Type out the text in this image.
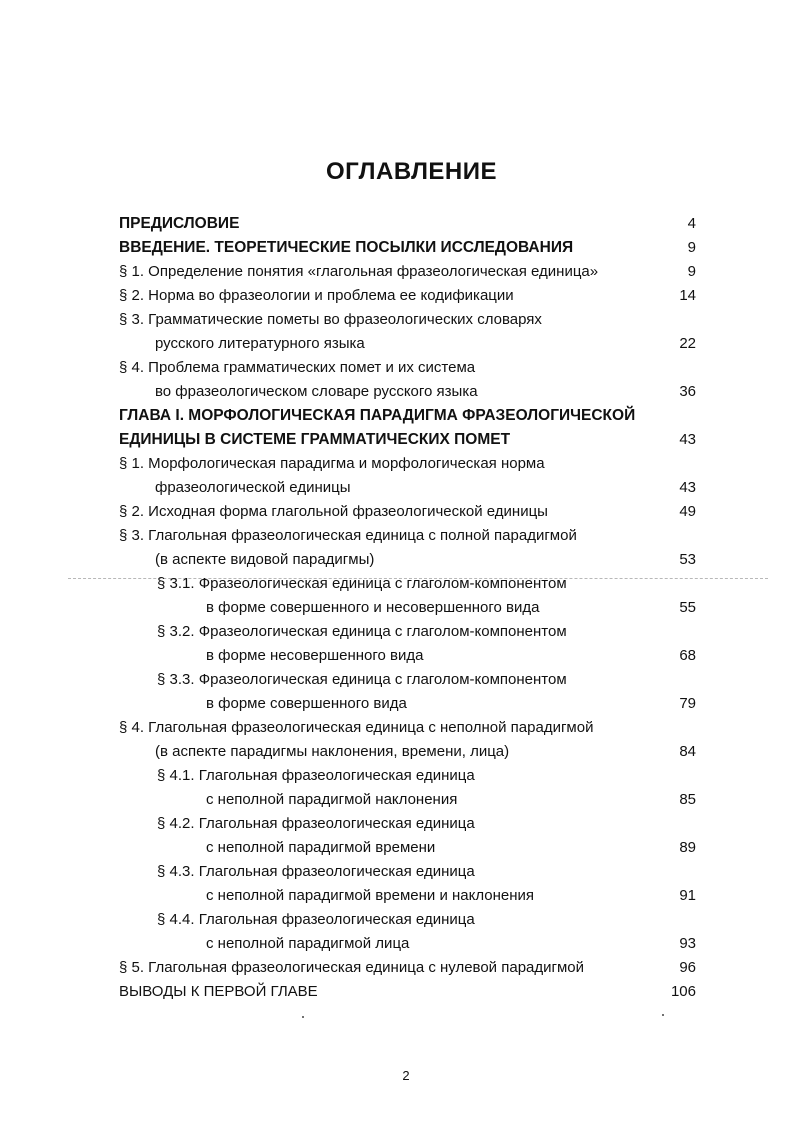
ОГЛАВЛЕНИЕ
ПРЕДИСЛОВИЕ	4
ВВЕДЕНИЕ. ТЕОРЕТИЧЕСКИЕ ПОСЫЛКИ ИССЛЕДОВАНИЯ	9
§ 1. Определение понятия «глагольная фразеологическая единица»	9
§ 2. Норма во фразеологии и проблема ее кодификации	14
§ 3. Грамматические пометы во фразеологических словарях
русского литературного языка	22
§ 4. Проблема грамматических помет и их система
во фразеологическом словаре русского языка	36
ГЛАВА I. МОРФОЛОГИЧЕСКАЯ ПАРАДИГМА ФРАЗЕОЛОГИЧЕСКОЙ
ЕДИНИЦЫ В СИСТЕМЕ ГРАММАТИЧЕСКИХ ПОМЕТ	43
§ 1. Морфологическая парадигма и морфологическая норма
фразеологической единицы	43
§ 2. Исходная форма глагольной фразеологической единицы	49
§ 3. Глагольная фразеологическая единица с полной парадигмой
(в аспекте видовой парадигмы)	53
§ 3.1. Фразеологическая единица с глаголом-компонентом
в форме совершенного и несовершенного вида	55
§ 3.2. Фразеологическая единица с глаголом-компонентом
в форме несовершенного вида	68
§ 3.3. Фразеологическая единица с глаголом-компонентом
в форме совершенного вида	79
§ 4. Глагольная фразеологическая единица с неполной парадигмой
(в аспекте парадигмы наклонения, времени, лица)	84
§ 4.1. Глагольная фразеологическая единица
с неполной парадигмой наклонения	85
§ 4.2. Глагольная фразеологическая единица
с неполной парадигмой времени	89
§ 4.3. Глагольная фразеологическая единица
с неполной парадигмой времени и наклонения	91
§ 4.4. Глагольная фразеологическая единица
с неполной парадигмой лица	93
§ 5. Глагольная фразеологическая единица с нулевой парадигмой	96
ВЫВОДЫ К ПЕРВОЙ ГЛАВЕ	106
2
